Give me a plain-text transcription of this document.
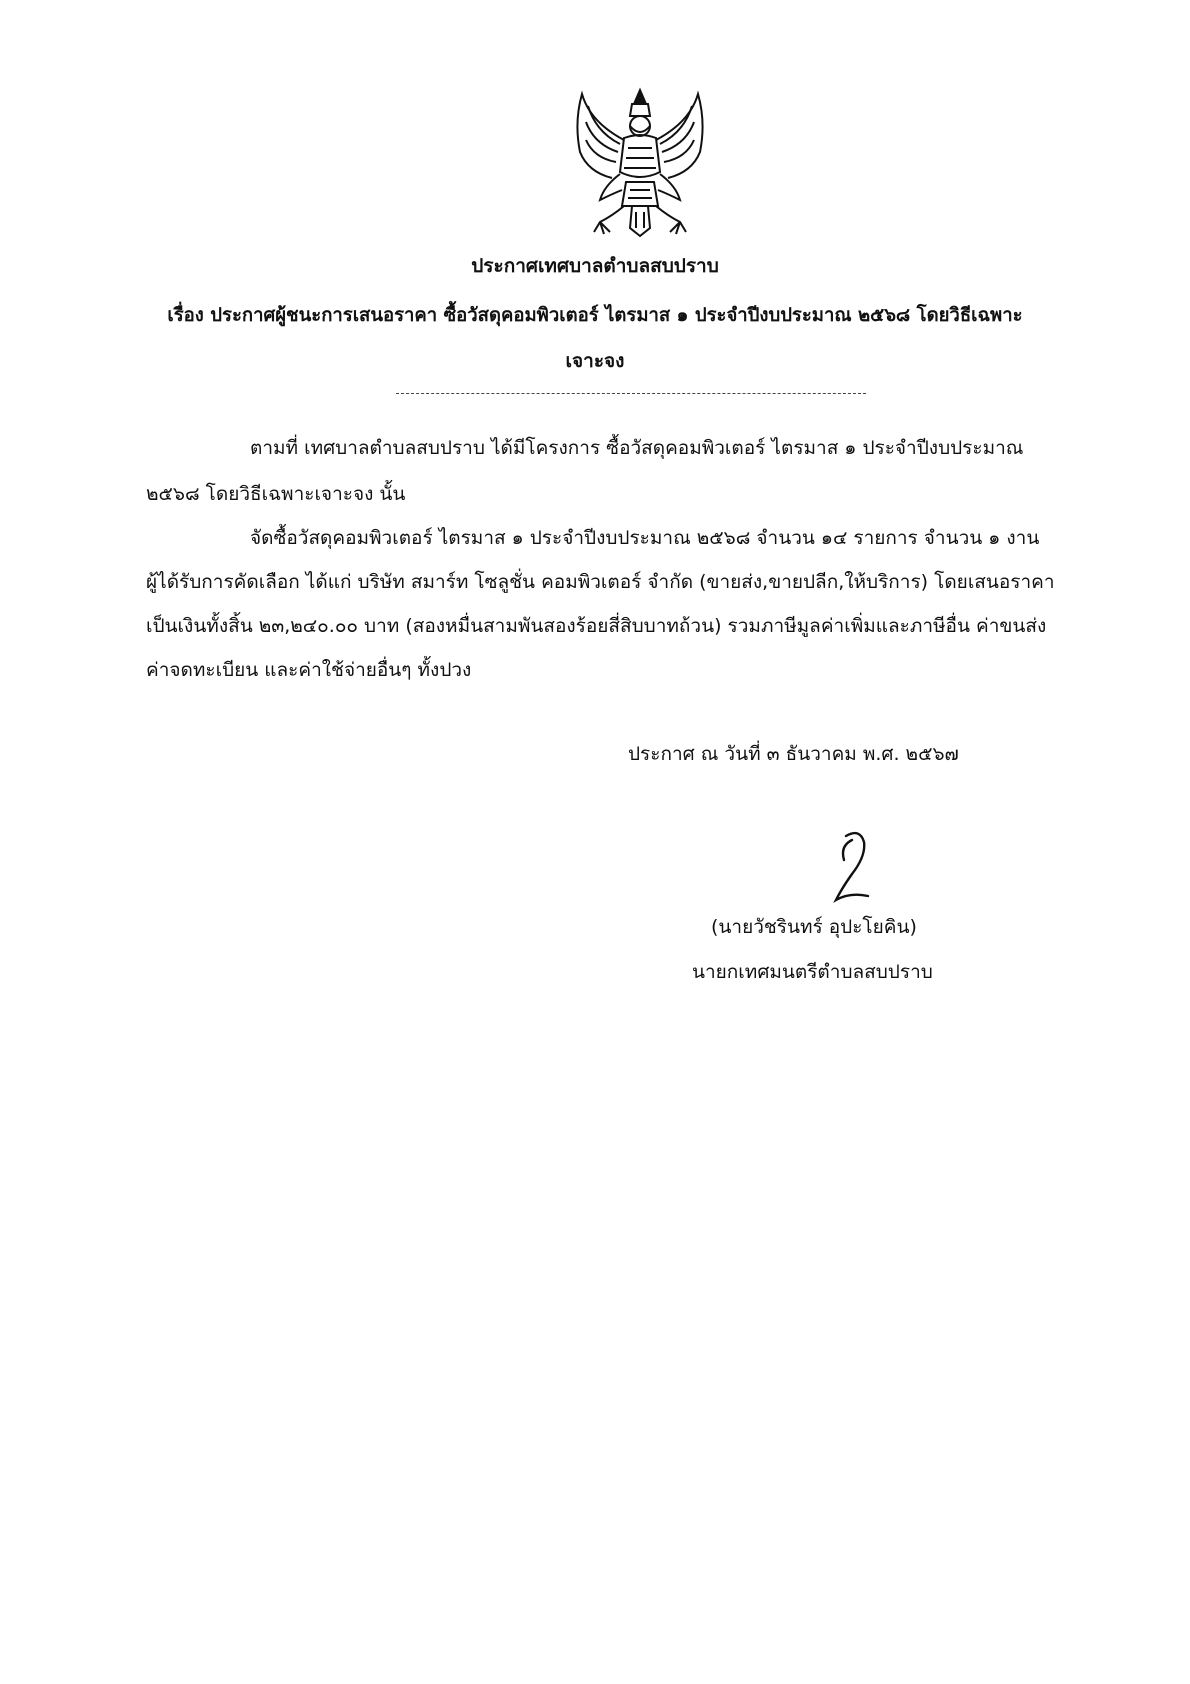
ประกาศเทศบาลตำบลสบปราบ
เรื่อง ประกาศผู้ชนะการเสนอราคา ซื้อวัสดุคอมพิวเตอร์ ไตรมาส ๑ ประจำปีงบประมาณ ๒๕๖๘ โดยวิธีเฉพาะ
เจาะจง
ตามที่ เทศบาลตำบลสบปราบ ได้มีโครงการ ซื้อวัสดุคอมพิวเตอร์ ไตรมาส ๑ ประจำปีงบประมาณ
๒๕๖๘ โดยวิธีเฉพาะเจาะจง นั้น
จัดซื้อวัสดุคอมพิวเตอร์ ไตรมาส ๑ ประจำปีงบประมาณ ๒๕๖๘ จำนวน ๑๔ รายการ จำนวน ๑ งาน
ผู้ได้รับการคัดเลือก ได้แก่ บริษัท สมาร์ท โซลูชั่น คอมพิวเตอร์ จำกัด (ขายส่ง,ขายปลีก,ให้บริการ) โดยเสนอราคา
เป็นเงินทั้งสิ้น ๒๓,๒๔๐.๐๐ บาท (สองหมื่นสามพันสองร้อยสี่สิบบาทถ้วน) รวมภาษีมูลค่าเพิ่มและภาษีอื่น ค่าขนส่ง
ค่าจดทะเบียน และค่าใช้จ่ายอื่นๆ ทั้งปวง
ประกาศ ณ วันที่ ๓ ธันวาคม พ.ศ. ๒๕๖๗
(นายวัชรินทร์ อุปะโยคิน)
นายกเทศมนตรีตำบลสบปราบ
